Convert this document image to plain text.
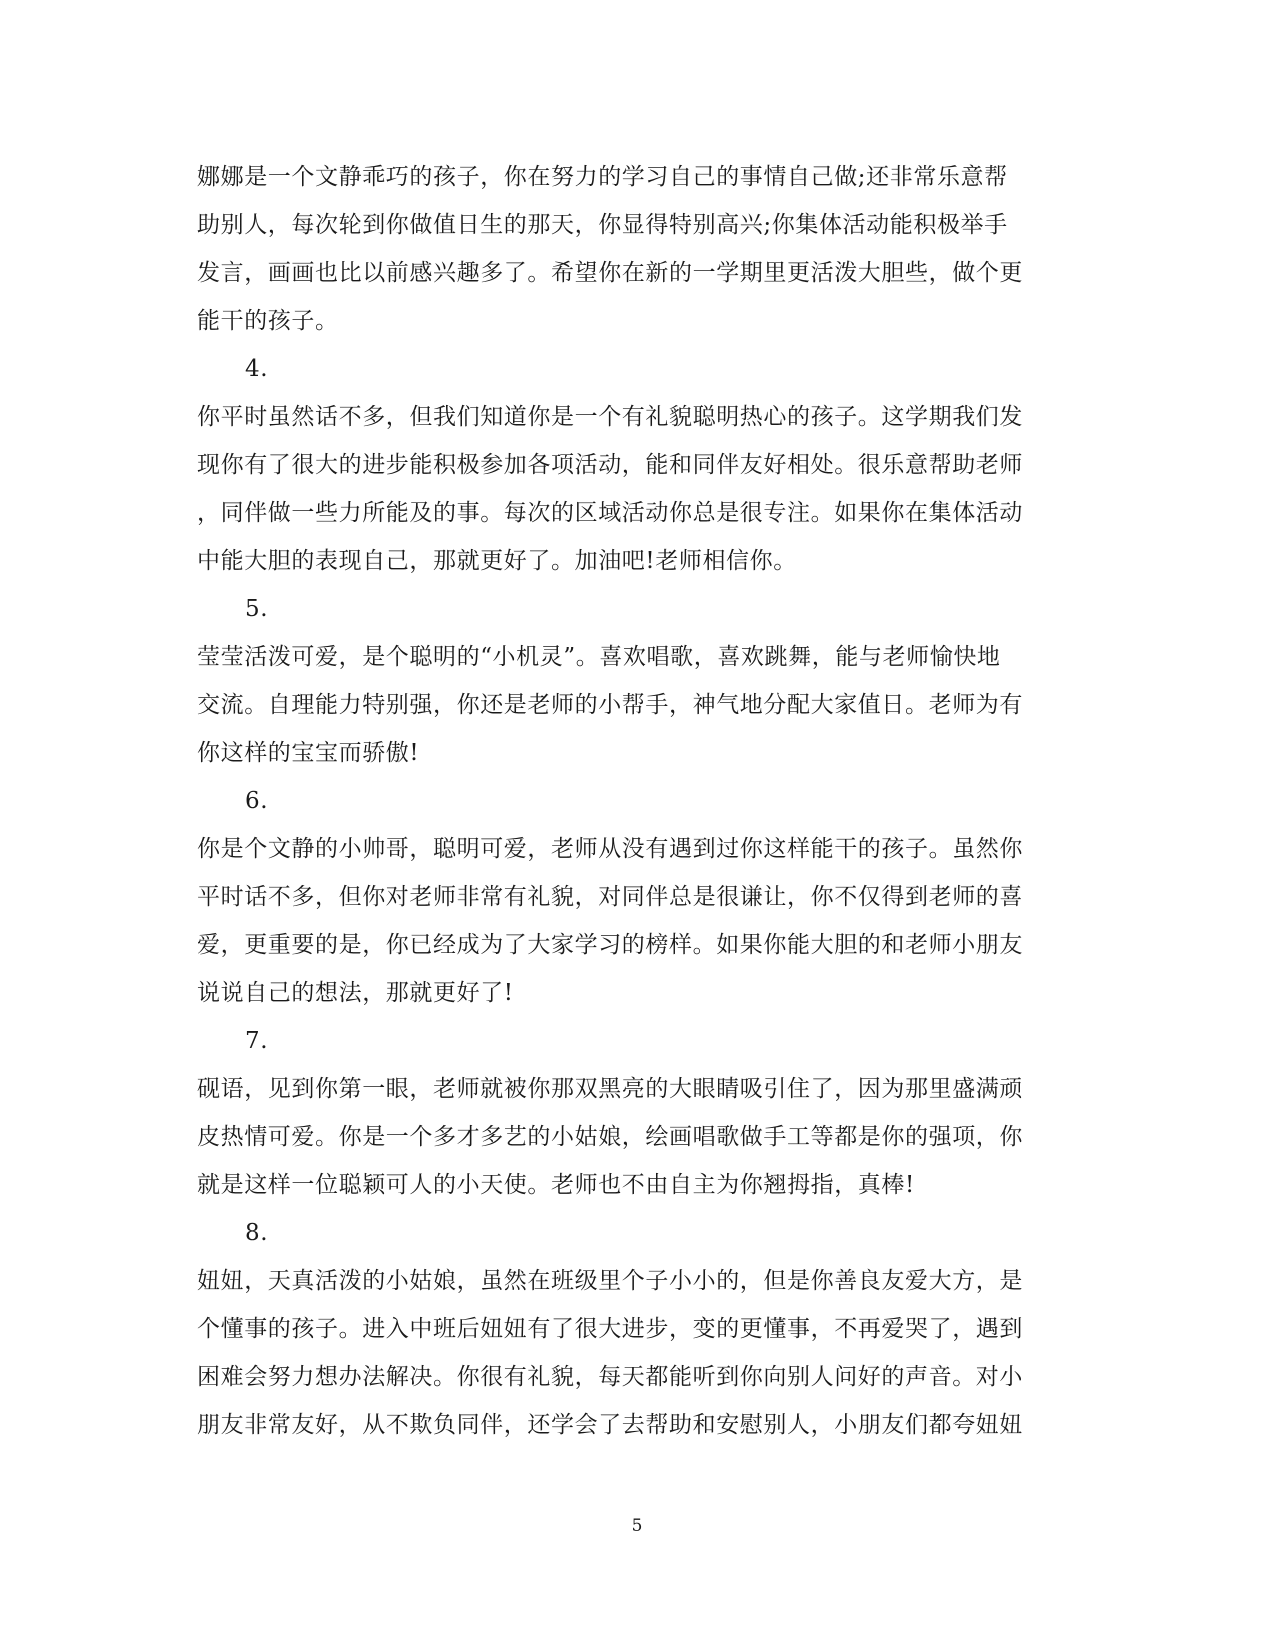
娜娜是一个文静乖巧的孩子，你在努力的学习自己的事情自己做;还非常乐意帮
助别人，每次轮到你做值日生的那天，你显得特别高兴;你集体活动能积极举手
发言，画画也比以前感兴趣多了。希望你在新的一学期里更活泼大胆些，做个更
能干的孩子。
4.
你平时虽然话不多，但我们知道你是一个有礼貌聪明热心的孩子。这学期我们发
现你有了很大的进步能积极参加各项活动，能和同伴友好相处。很乐意帮助老师
，同伴做一些力所能及的事。每次的区域活动你总是很专注。如果你在集体活动
中能大胆的表现自己，那就更好了。加油吧!老师相信你。
5.
莹莹活泼可爱，是个聪明的“小机灵”。喜欢唱歌，喜欢跳舞，能与老师愉快地
交流。自理能力特别强，你还是老师的小帮手，神气地分配大家值日。老师为有
你这样的宝宝而骄傲!
6.
你是个文静的小帅哥，聪明可爱，老师从没有遇到过你这样能干的孩子。虽然你
平时话不多，但你对老师非常有礼貌，对同伴总是很谦让，你不仅得到老师的喜
爱，更重要的是，你已经成为了大家学习的榜样。如果你能大胆的和老师小朋友
说说自己的想法，那就更好了!
7.
砚语，见到你第一眼，老师就被你那双黑亮的大眼睛吸引住了，因为那里盛满顽
皮热情可爱。你是一个多才多艺的小姑娘，绘画唱歌做手工等都是你的强项，你
就是这样一位聪颖可人的小天使。老师也不由自主为你翘拇指，真棒!
8.
妞妞，天真活泼的小姑娘，虽然在班级里个子小小的，但是你善良友爱大方，是
个懂事的孩子。进入中班后妞妞有了很大进步，变的更懂事，不再爱哭了，遇到
困难会努力想办法解决。你很有礼貌，每天都能听到你向别人问好的声音。对小
朋友非常友好，从不欺负同伴，还学会了去帮助和安慰别人，小朋友们都夸妞妞
5
